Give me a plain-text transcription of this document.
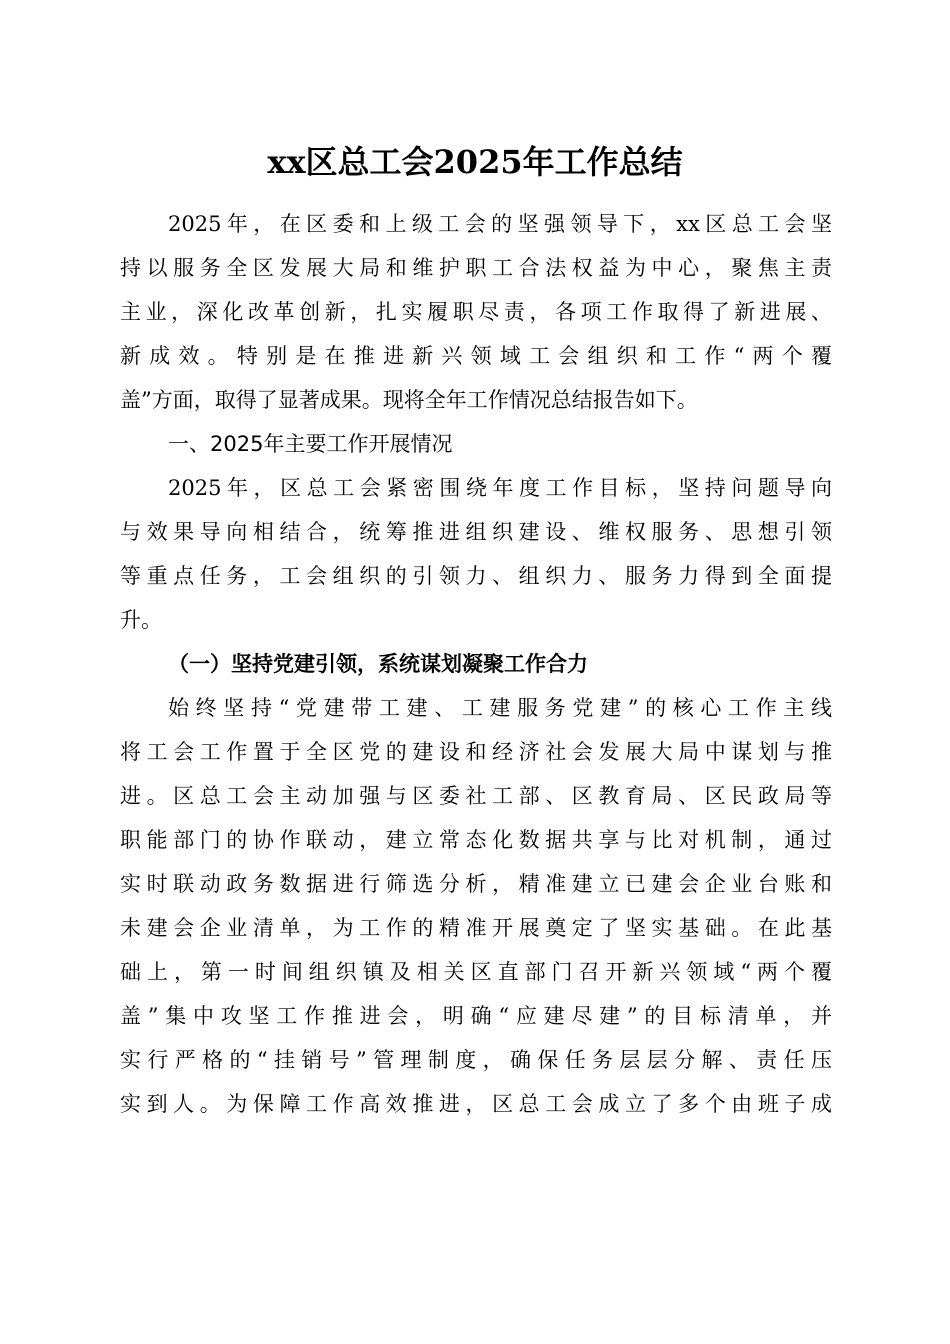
xx区总工会2025年工作总结
2025年，在区委和上级工会的坚强领导下，xx区总工会坚
持以服务全区发展大局和维护职工合法权益为中心，聚焦主责
主业，深化改革创新，扎实履职尽责，各项工作取得了新进展、
新成效。特别是在推进新兴领域工会组织和工作“两个覆
盖”方面，取得了显著成果。现将全年工作情况总结报告如下。
一、2025年主要工作开展情况
2025年，区总工会紧密围绕年度工作目标，坚持问题导向
与效果导向相结合，统筹推进组织建设、维权服务、思想引领
等重点任务，工会组织的引领力、组织力、服务力得到全面提
升。
（一）坚持党建引领，系统谋划凝聚工作合力
始终坚持“党建带工建、工建服务党建”的核心工作主线
将工会工作置于全区党的建设和经济社会发展大局中谋划与推
进。区总工会主动加强与区委社工部、区教育局、区民政局等
职能部门的协作联动，建立常态化数据共享与比对机制，通过
实时联动政务数据进行筛选分析，精准建立已建会企业台账和
未建会企业清单，为工作的精准开展奠定了坚实基础。在此基
础上，第一时间组织镇及相关区直部门召开新兴领域“两个覆
盖”集中攻坚工作推进会，明确“应建尽建”的目标清单，并
实行严格的“挂销号”管理制度，确保任务层层分解、责任压
实到人。为保障工作高效推进，区总工会成立了多个由班子成
